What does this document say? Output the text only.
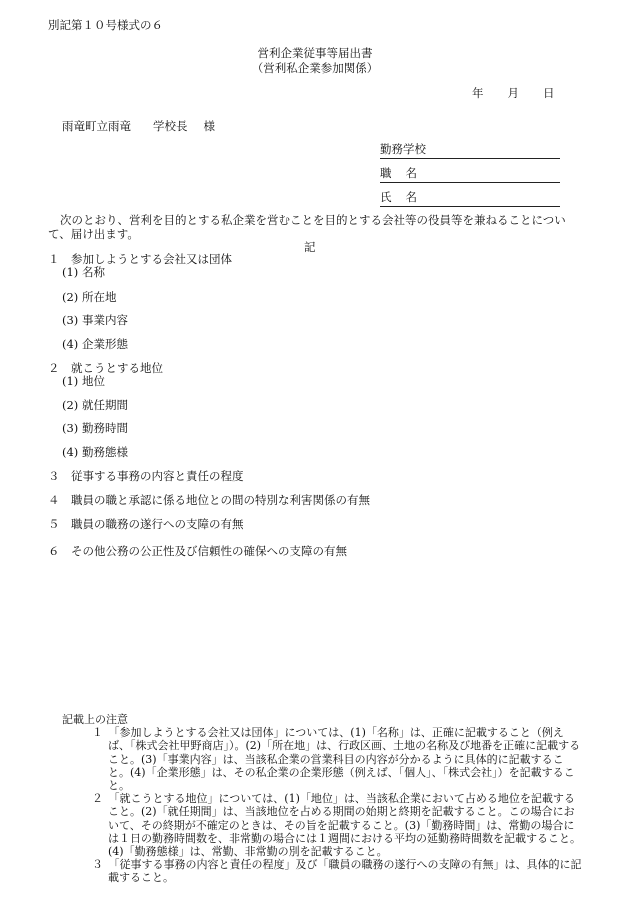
別記第１０号様式の６
営利企業従事等届出書
（営利私企業参加関係）
年 月 日
雨竜町立雨竜 学校長 様
勤務学校
職 名
氏 名
次のとおり、営利を目的とする私企業を営むことを目的とする会社等の役員等を兼ねることについて、届け出ます。
記
１　参加しようとする会社又は団体
(1) 名称
(2) 所在地
(3) 事業内容
(4) 企業形態
２　就こうとする地位
(1) 地位
(2) 就任期間
(3) 勤務時間
(4) 勤務態様
３　従事する事務の内容と責任の程度
４　職員の職と承認に係る地位との間の特別な利害関係の有無
５　職員の職務の遂行への支障の有無
６　その他公務の公正性及び信頼性の確保への支障の有無
記載上の注意
１　「参加しようとする会社又は団体」については、(1)「名称」は、正確に記載すること（例えば、「株式会社甲野商店」）。(2)「所在地」は、行政区画、土地の名称及び地番を正確に記載すること。(3)「事業内容」は、当該私企業の営業科目の内容が分かるように具体的に記載すること。(4)「企業形態」は、その私企業の企業形態（例えば、「個人」、「株式会社」）を記載すること。
２　「就こうとする地位」については、(1)「地位」は、当該私企業において占める地位を記載すること。(2)「就任期間」は、当該地位を占める期間の始期と終期を記載すること。この場合において、その終期が不確定のときは、その旨を記載すること。(3)「勤務時間」は、常勤の場合には１日の勤務時間数を、非常勤の場合には１週間における平均の延勤務時間数を記載すること。(4)「勤務態様」は、常勤、非常勤の別を記載すること。
３　「従事する事務の内容と責任の程度」及び「職員の職務の遂行への支障の有無」は、具体的に記載すること。
